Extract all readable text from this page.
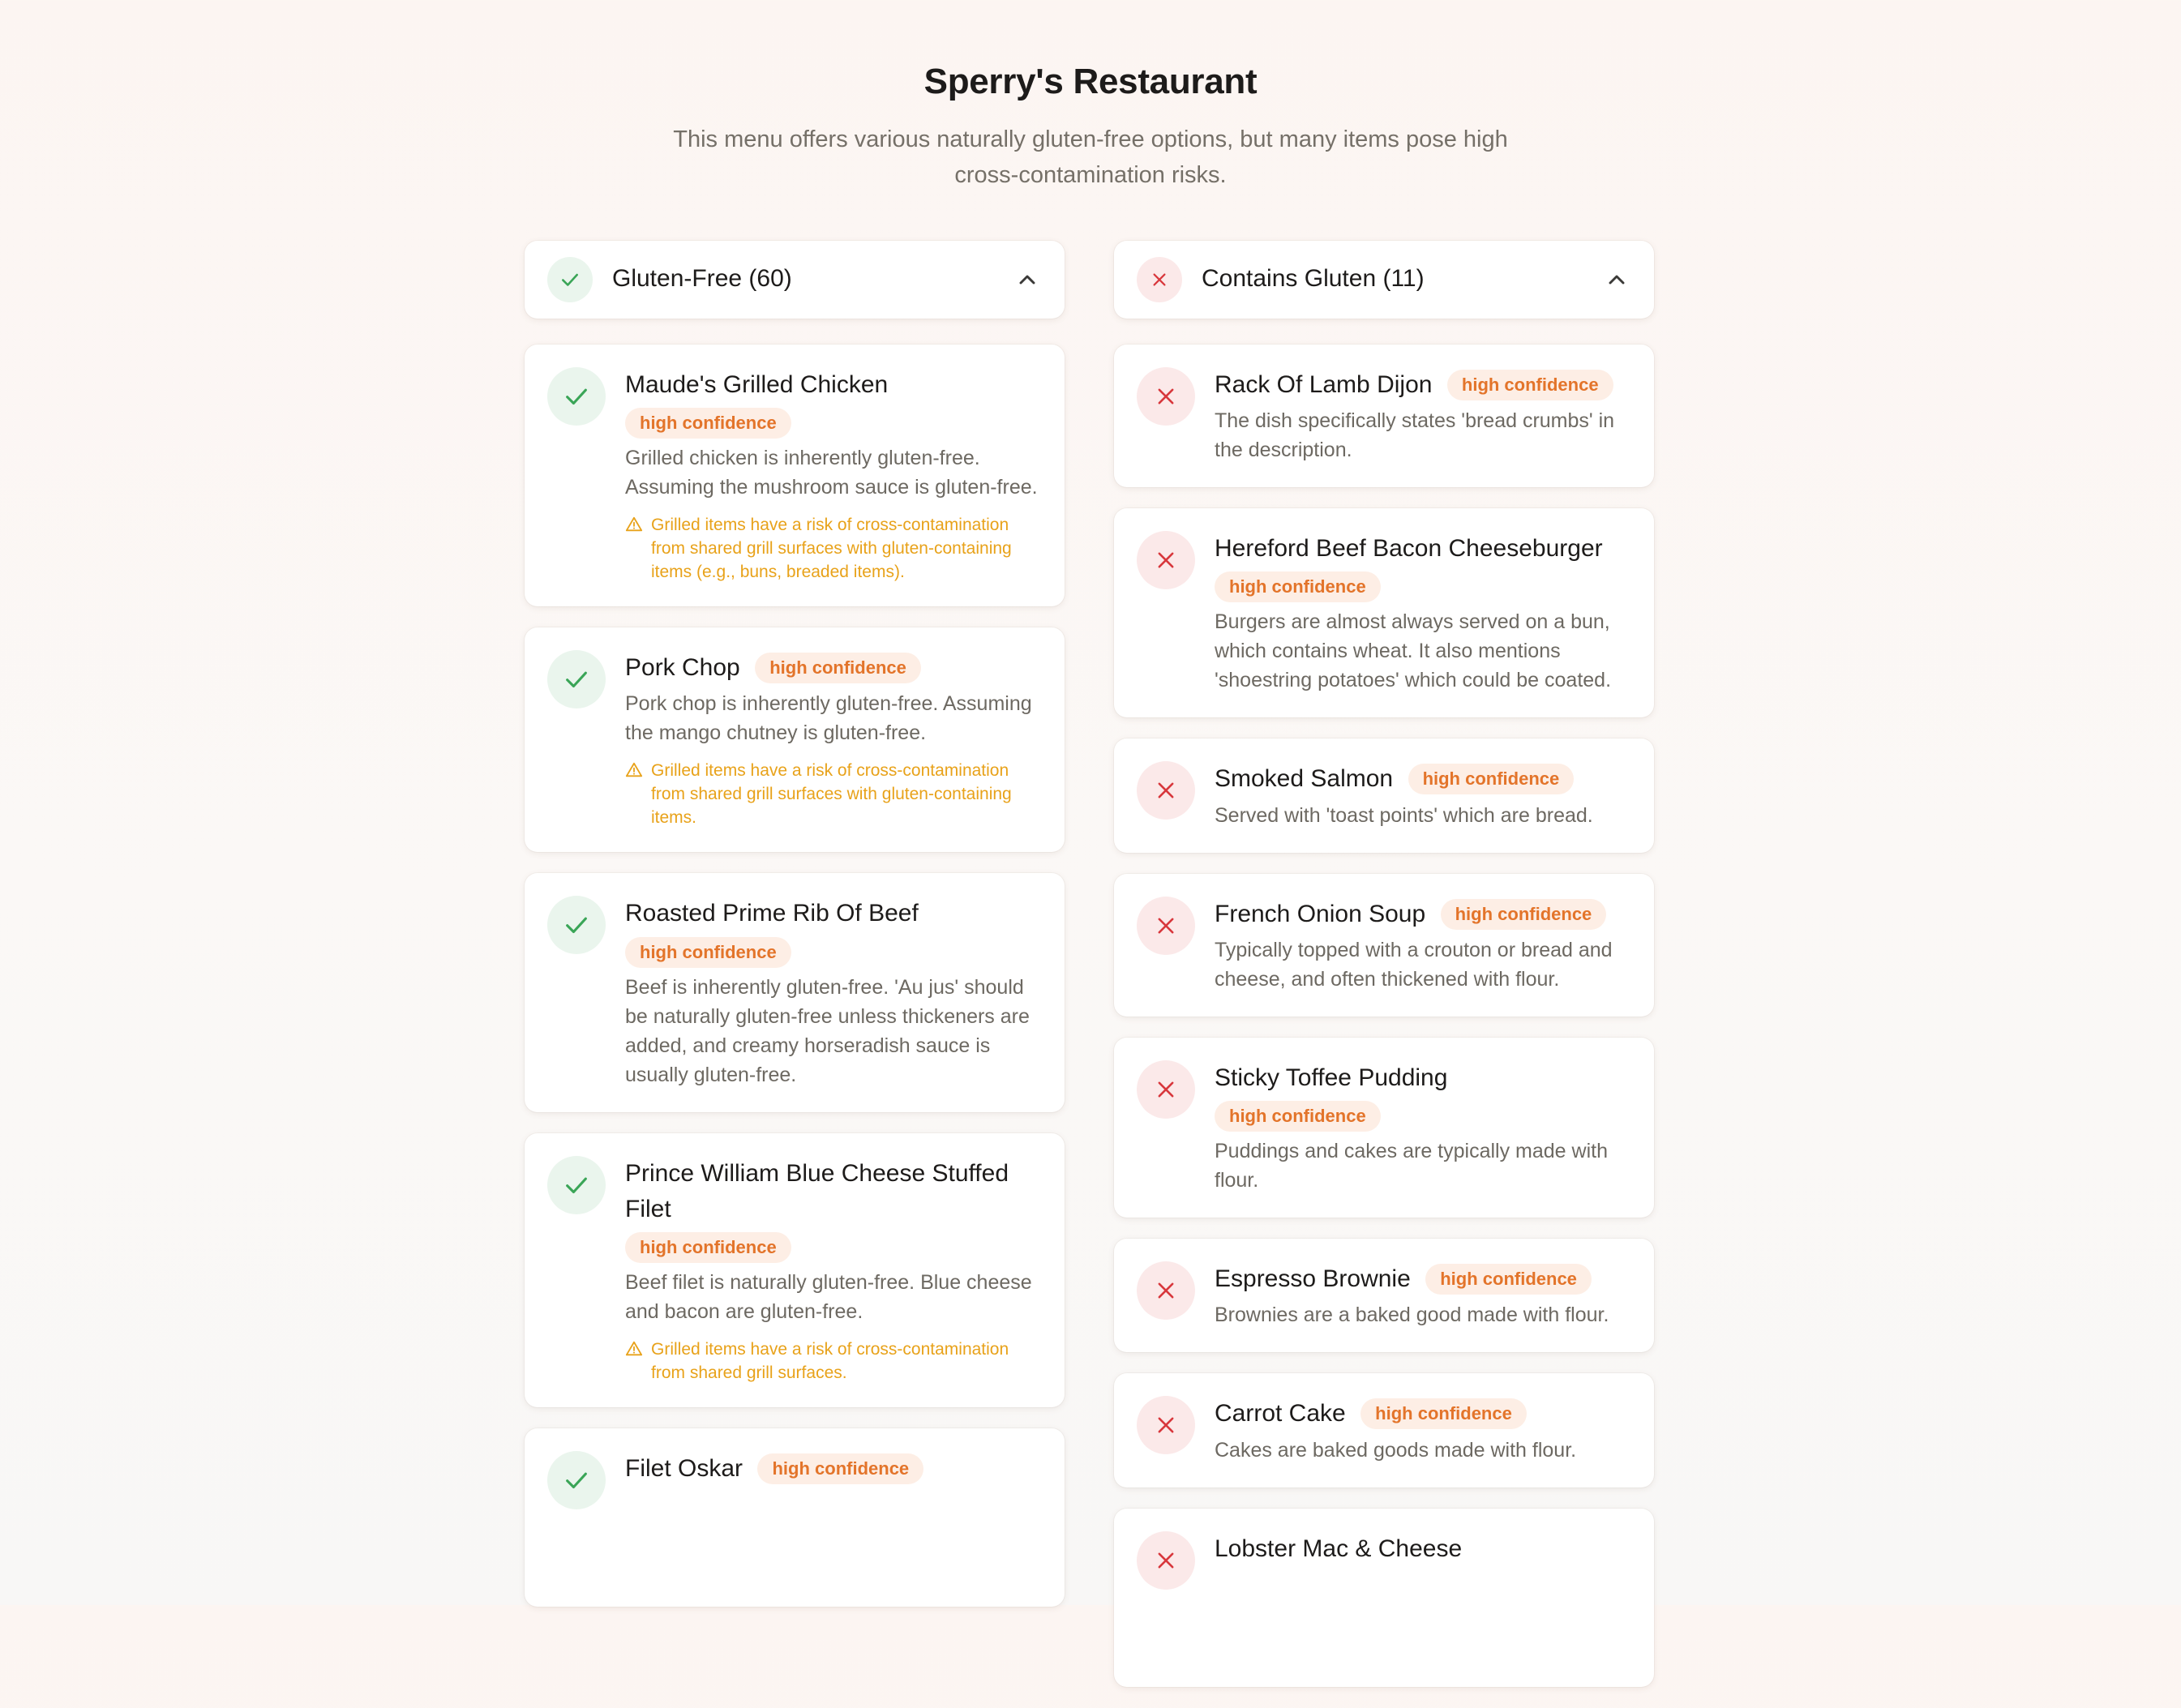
Sperry's Restaurant
This menu offers various naturally gluten-free options, but many items pose high cross-contamination risks.
Gluten-Free (60)
Maude's Grilled Chicken
high confidence
Grilled chicken is inherently gluten-free. Assuming the mushroom sauce is gluten-free.
Grilled items have a risk of cross-contamination from shared grill surfaces with gluten-containing items (e.g., buns, breaded items).
Pork Chop high confidence
Pork chop is inherently gluten-free. Assuming the mango chutney is gluten-free.
Grilled items have a risk of cross-contamination from shared grill surfaces with gluten-containing items.
Roasted Prime Rib Of Beef
high confidence
Beef is inherently gluten-free. 'Au jus' should be naturally gluten-free unless thickeners are added, and creamy horseradish sauce is usually gluten-free.
Prince William Blue Cheese Stuffed Filet
high confidence
Beef filet is naturally gluten-free. Blue cheese and bacon are gluten-free.
Grilled items have a risk of cross-contamination from shared grill surfaces.
Filet Oskar high confidence
Contains Gluten (11)
Rack Of Lamb Dijon high confidence
The dish specifically states 'bread crumbs' in the description.
Hereford Beef Bacon Cheeseburger
high confidence
Burgers are almost always served on a bun, which contains wheat. It also mentions 'shoestring potatoes' which could be coated.
Smoked Salmon high confidence
Served with 'toast points' which are bread.
French Onion Soup high confidence
Typically topped with a crouton or bread and cheese, and often thickened with flour.
Sticky Toffee Pudding
high confidence
Puddings and cakes are typically made with flour.
Espresso Brownie high confidence
Brownies are a baked good made with flour.
Carrot Cake high confidence
Cakes are baked goods made with flour.
Lobster Mac & Cheese
